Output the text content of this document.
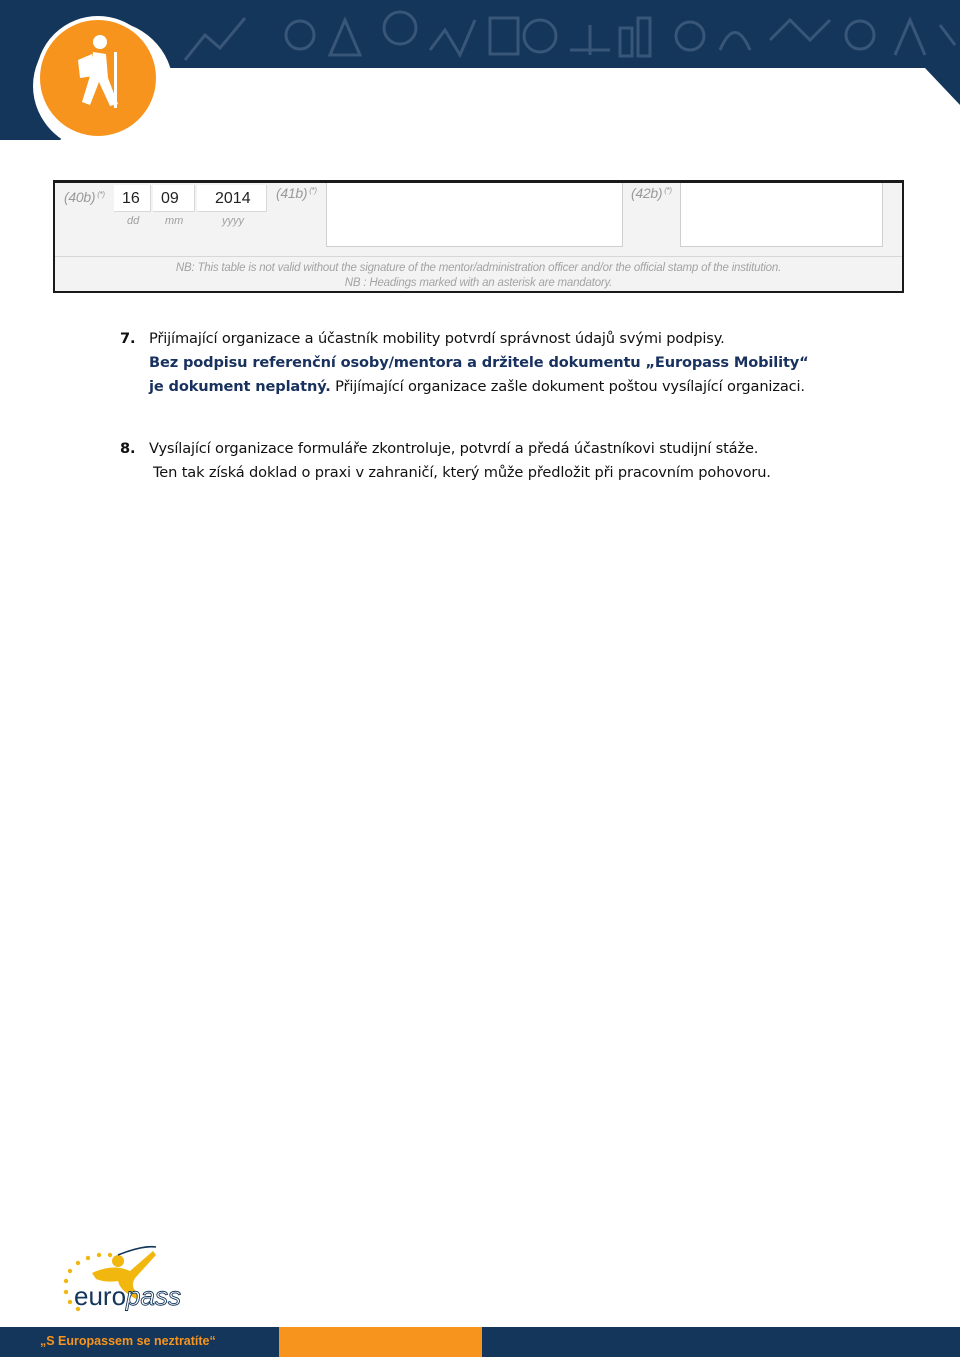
(40b) (*)	16	09	2014
dd mm	yyyy
(41b) (*)	(42b) (*)
NB: This table is not valid without the signature of the mentor/administration officer and/or the official stamp of the institution.
NB : Headings marked with an asterisk are mandatory.
7. Přijímající organizace a účastník mobility potvrdí správnost údajů svými podpisy.
Bez podpisu referenční osoby/mentora a držitele dokumentu „Europass Mobility“
je dokument neplatný. Přijímající organizace zašle dokument poštou vysílající organizaci.
8. Vysílající organizace formuláře zkontroluje, potvrdí a předá účastníkovi studijní stáže.
Ten tak získá doklad o praxi v zahraničí, který může předložit při pracovním pohovoru.
europass
„S Europassem se neztratíte“
